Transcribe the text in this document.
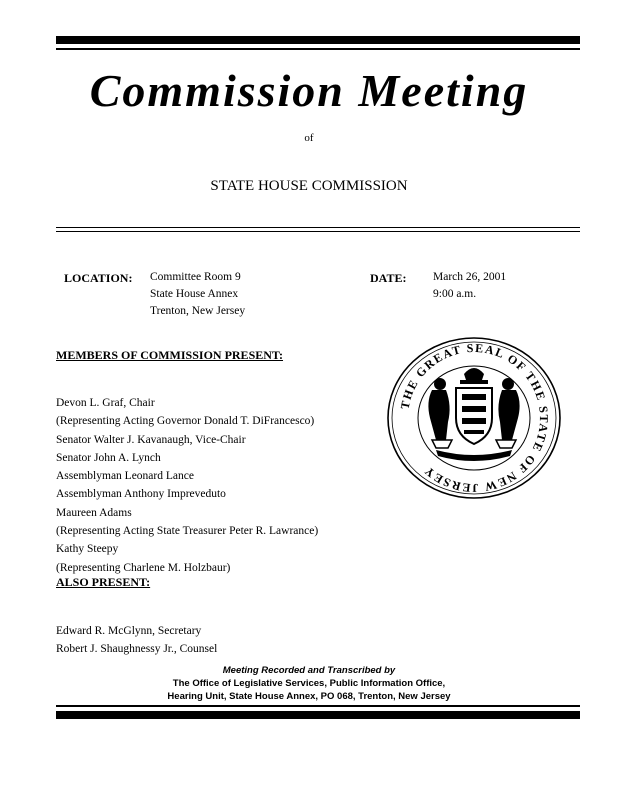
Commission Meeting
of
STATE HOUSE COMMISSION
LOCATION: Committee Room 9
State House Annex
Trenton, New Jersey
DATE: March 26, 2001
9:00 a.m.
MEMBERS OF COMMISSION PRESENT:
Devon L. Graf, Chair
(Representing Acting Governor Donald T. DiFrancesco)
Senator Walter J. Kavanaugh, Vice-Chair
Senator John A. Lynch
Assemblyman Leonard Lance
Assemblyman Anthony Impreveduto
Maureen Adams
(Representing Acting State Treasurer Peter R. Lawrance)
Kathy Steepy
(Representing Charlene M. Holzbaur)
ALSO PRESENT:
Edward R. McGlynn, Secretary
Robert J. Shaughnessy Jr., Counsel
THE GREAT SEAL OF THE STATE OF NEW JERSEY
Meeting Recorded and Transcribed by
The Office of Legislative Services, Public Information Office,
Hearing Unit, State House Annex, PO 068, Trenton, New Jersey
